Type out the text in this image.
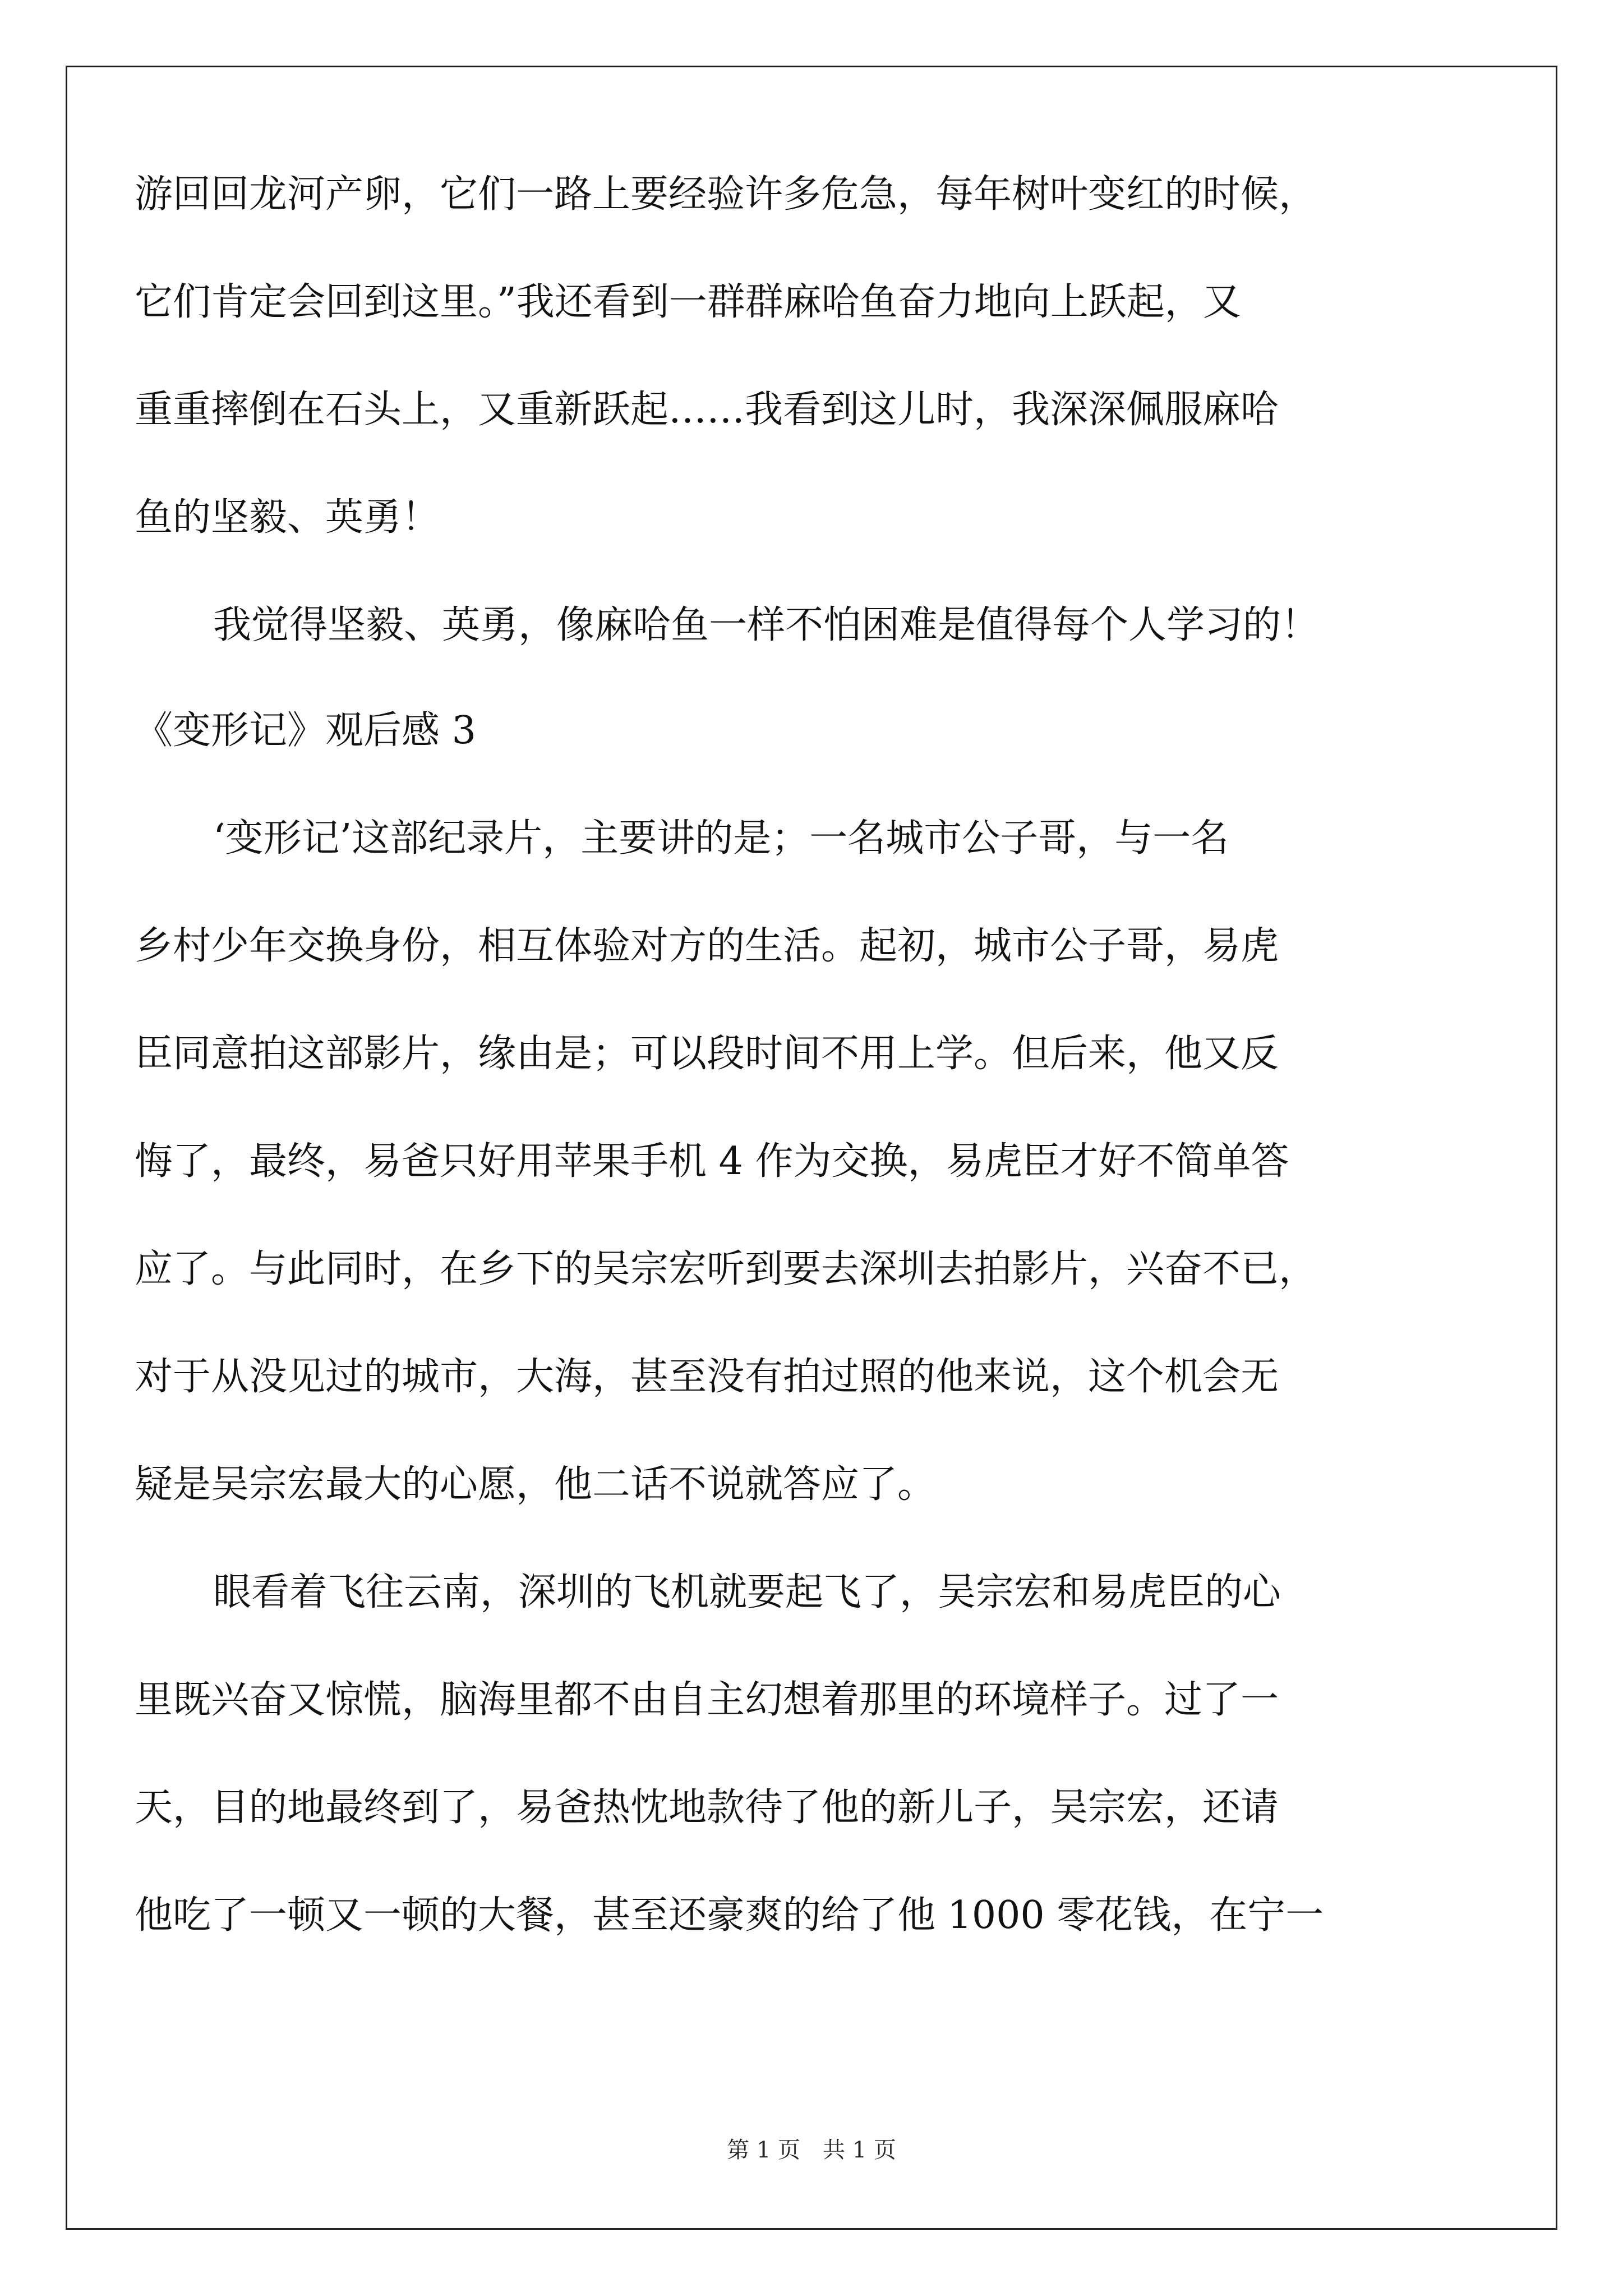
游回回龙河产卵，它们一路上要经验许多危急，每年树叶变红的时候，
它们肯定会回到这里。”我还看到一群群麻哈鱼奋力地向上跃起，又
重重摔倒在石头上，又重新跃起……我看到这儿时，我深深佩服麻哈
鱼的坚毅、英勇！
我觉得坚毅、英勇，像麻哈鱼一样不怕困难是值得每个人学习的！
《变形记》观后感 3
‘变形记’这部纪录片，主要讲的是；一名城市公子哥，与一名
乡村少年交换身份，相互体验对方的生活。起初，城市公子哥，易虎
臣同意拍这部影片，缘由是；可以段时间不用上学。但后来，他又反
悔了，最终，易爸只好用苹果手机 4 作为交换，易虎臣才好不简单答
应了。与此同时，在乡下的吴宗宏听到要去深圳去拍影片，兴奋不已，
对于从没见过的城市，大海，甚至没有拍过照的他来说，这个机会无
疑是吴宗宏最大的心愿，他二话不说就答应了。
眼看着飞往云南，深圳的飞机就要起飞了，吴宗宏和易虎臣的心
里既兴奋又惊慌，脑海里都不由自主幻想着那里的环境样子。过了一
天，目的地最终到了，易爸热忱地款待了他的新儿子，吴宗宏，还请
他吃了一顿又一顿的大餐，甚至还豪爽的给了他 1000 零花钱，在宁一
第 1 页　共 1 页
